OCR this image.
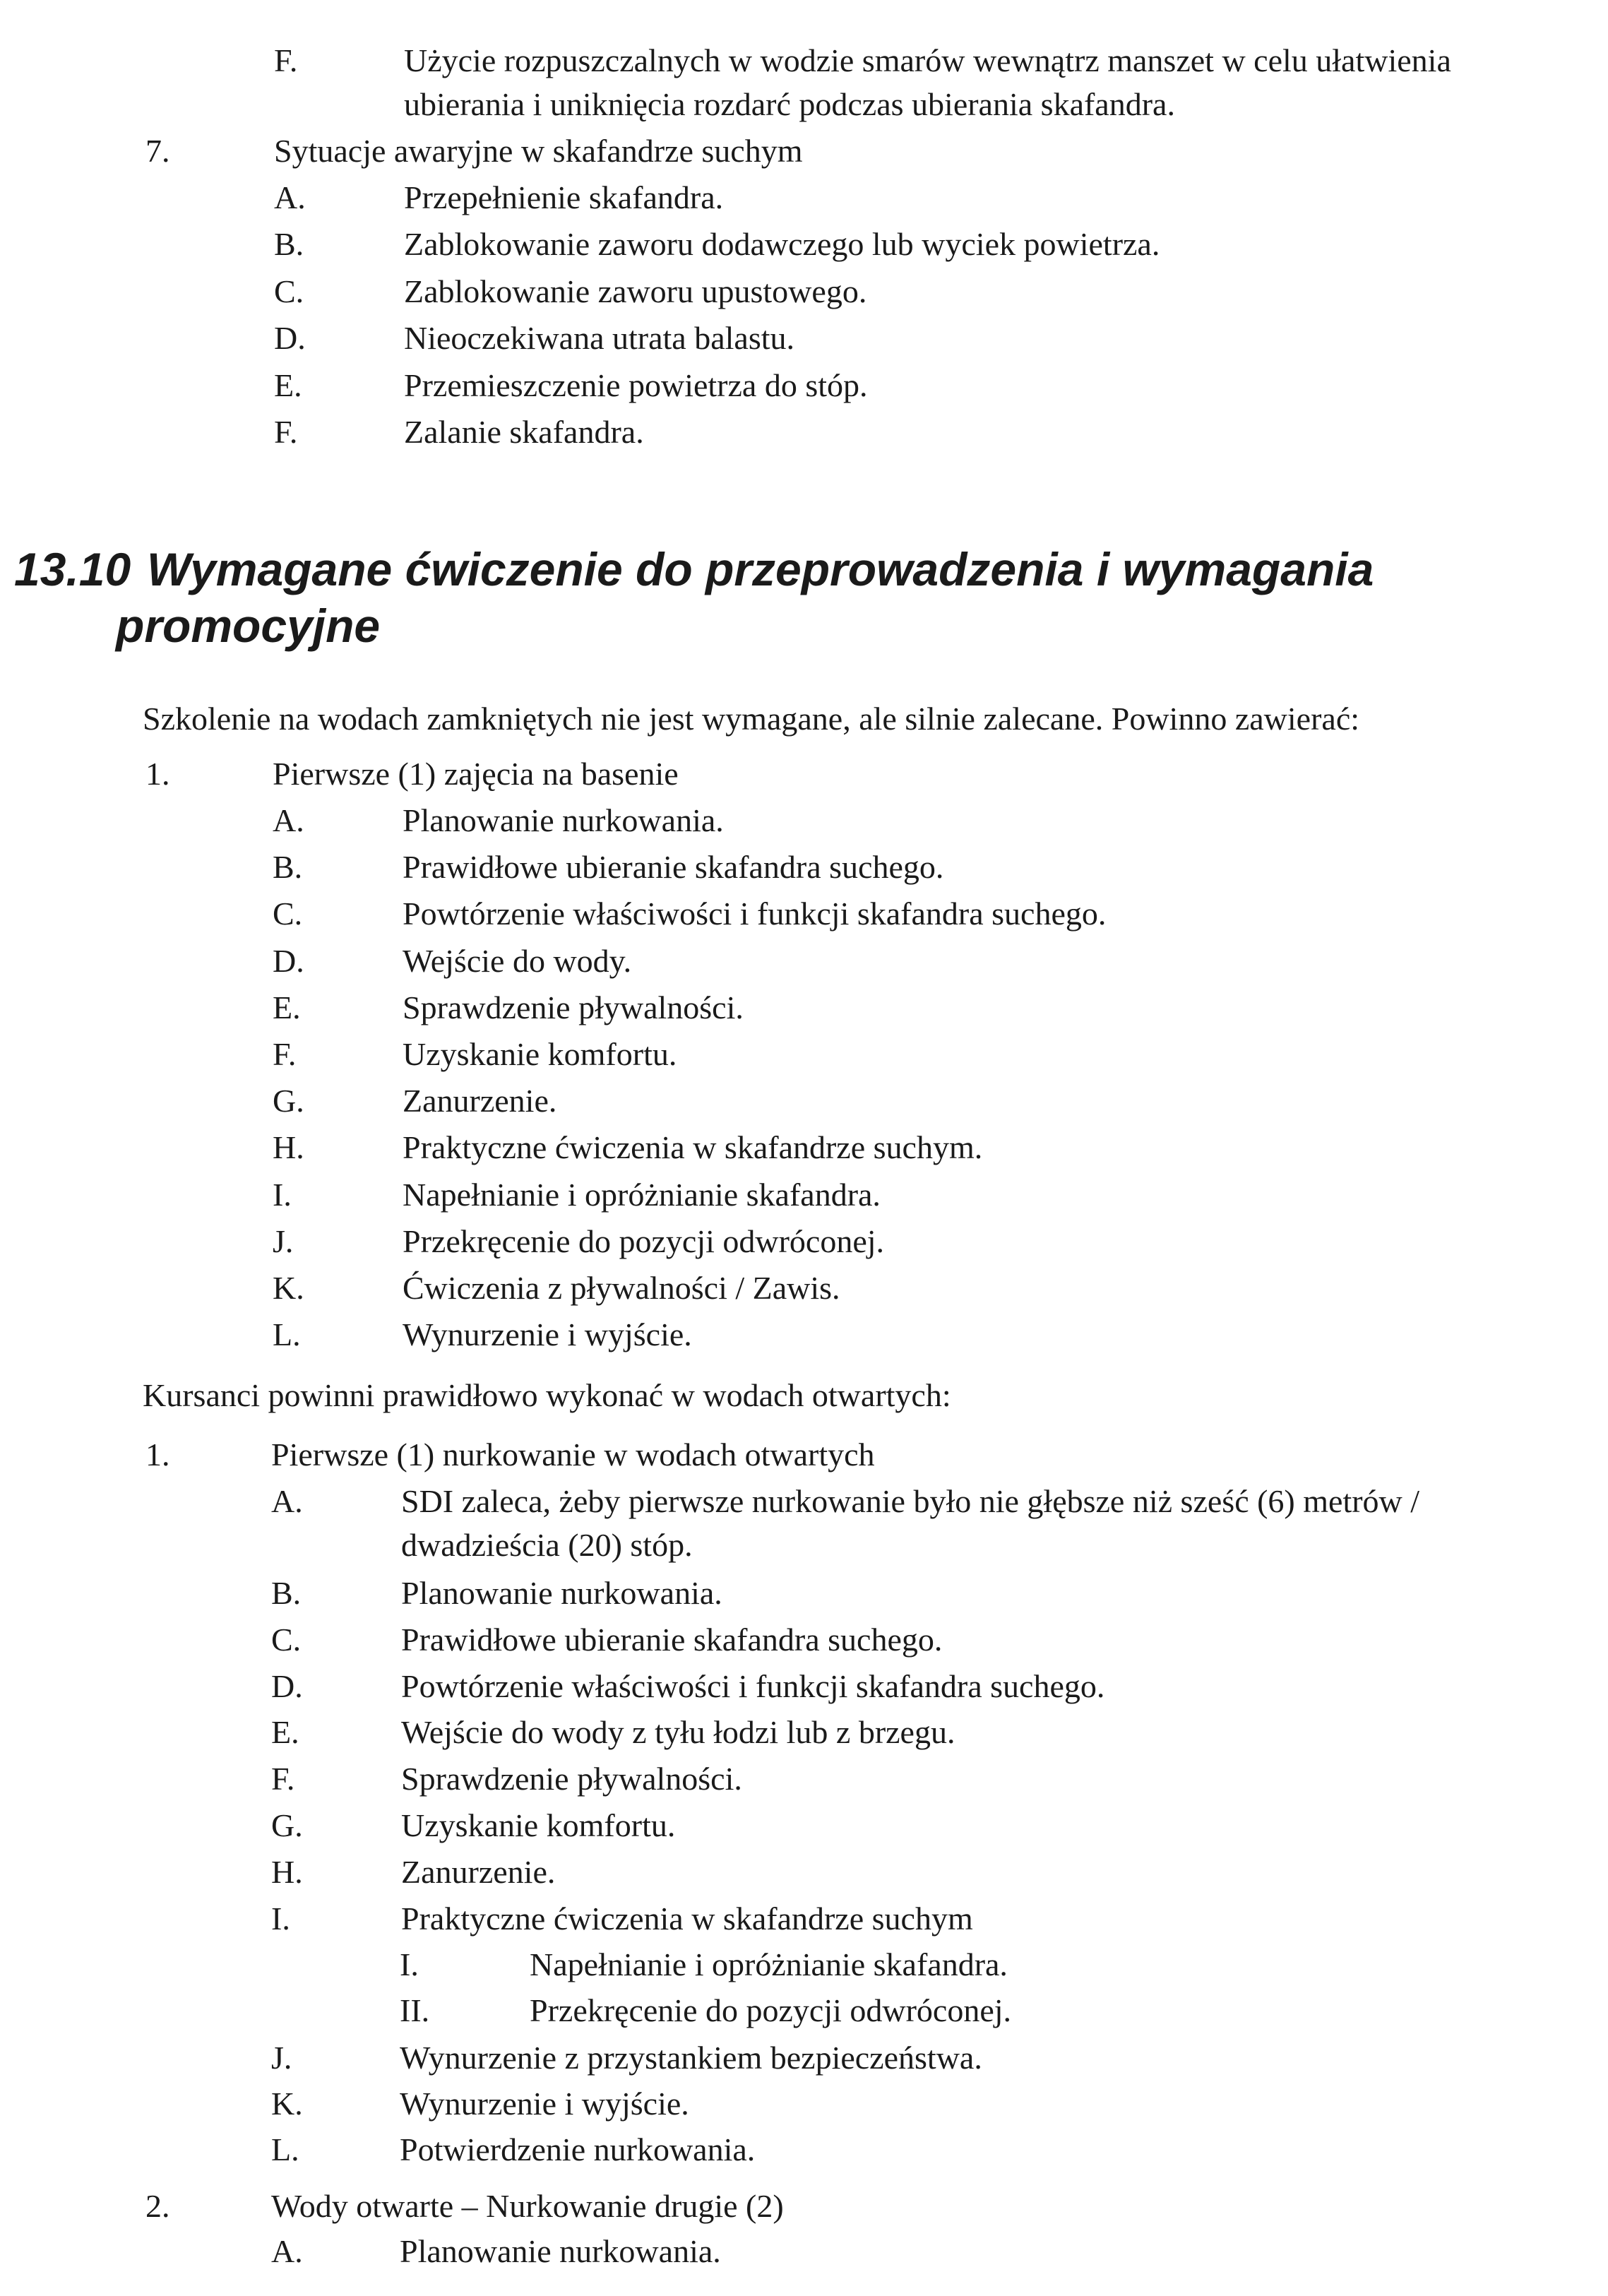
F.	Użycie rozpuszczalnych w wodzie smarów wewnątrz manszet w celu ułatwienia
ubierania i uniknięcia rozdarć podczas ubierania skafandra.
7.	Sytuacje awaryjne w skafandrze suchym
A.	Przepełnienie skafandra.
B.	Zablokowanie zaworu dodawczego lub wyciek powietrza.
C.	Zablokowanie zaworu upustowego.
D.	Nieoczekiwana utrata balastu.
E.	Przemieszczenie powietrza do stóp.
F.	Zalanie skafandra.
13.10 Wymagane ćwiczenie do przeprowadzenia i wymagania
promocyjne
Szkolenie na wodach zamkniętych nie jest wymagane, ale silnie zalecane. Powinno zawierać:
1.	Pierwsze (1) zajęcia na basenie
A.	Planowanie nurkowania.
B.	Prawidłowe ubieranie skafandra suchego.
C.	Powtórzenie właściwości i funkcji skafandra suchego.
D.	Wejście do wody.
E.	Sprawdzenie pływalności.
F.	Uzyskanie komfortu.
G.	Zanurzenie.
H.	Praktyczne ćwiczenia w skafandrze suchym.
I.	Napełnianie i opróżnianie skafandra.
J.	Przekręcenie do pozycji odwróconej.
K.	Ćwiczenia z pływalności / Zawis.
L.	Wynurzenie i wyjście.
Kursanci powinni prawidłowo wykonać w wodach otwartych:
1.	Pierwsze (1) nurkowanie w wodach otwartych
A.	SDI zaleca, żeby pierwsze nurkowanie było nie głębsze niż sześć (6) metrów /
dwadzieścia (20) stóp.
B.	Planowanie nurkowania.
C.	Prawidłowe ubieranie skafandra suchego.
D.	Powtórzenie właściwości i funkcji skafandra suchego.
E.	Wejście do wody z tyłu łodzi lub z brzegu.
F.	Sprawdzenie pływalności.
G.	Uzyskanie komfortu.
H.	Zanurzenie.
I.	Praktyczne ćwiczenia w skafandrze suchym
I.	Napełnianie i opróżnianie skafandra.
II.	Przekręcenie do pozycji odwróconej.
J.	Wynurzenie z przystankiem bezpieczeństwa.
K.	Wynurzenie i wyjście.
L.	Potwierdzenie nurkowania.
2.	Wody otwarte – Nurkowanie drugie (2)
A.	Planowanie nurkowania.
